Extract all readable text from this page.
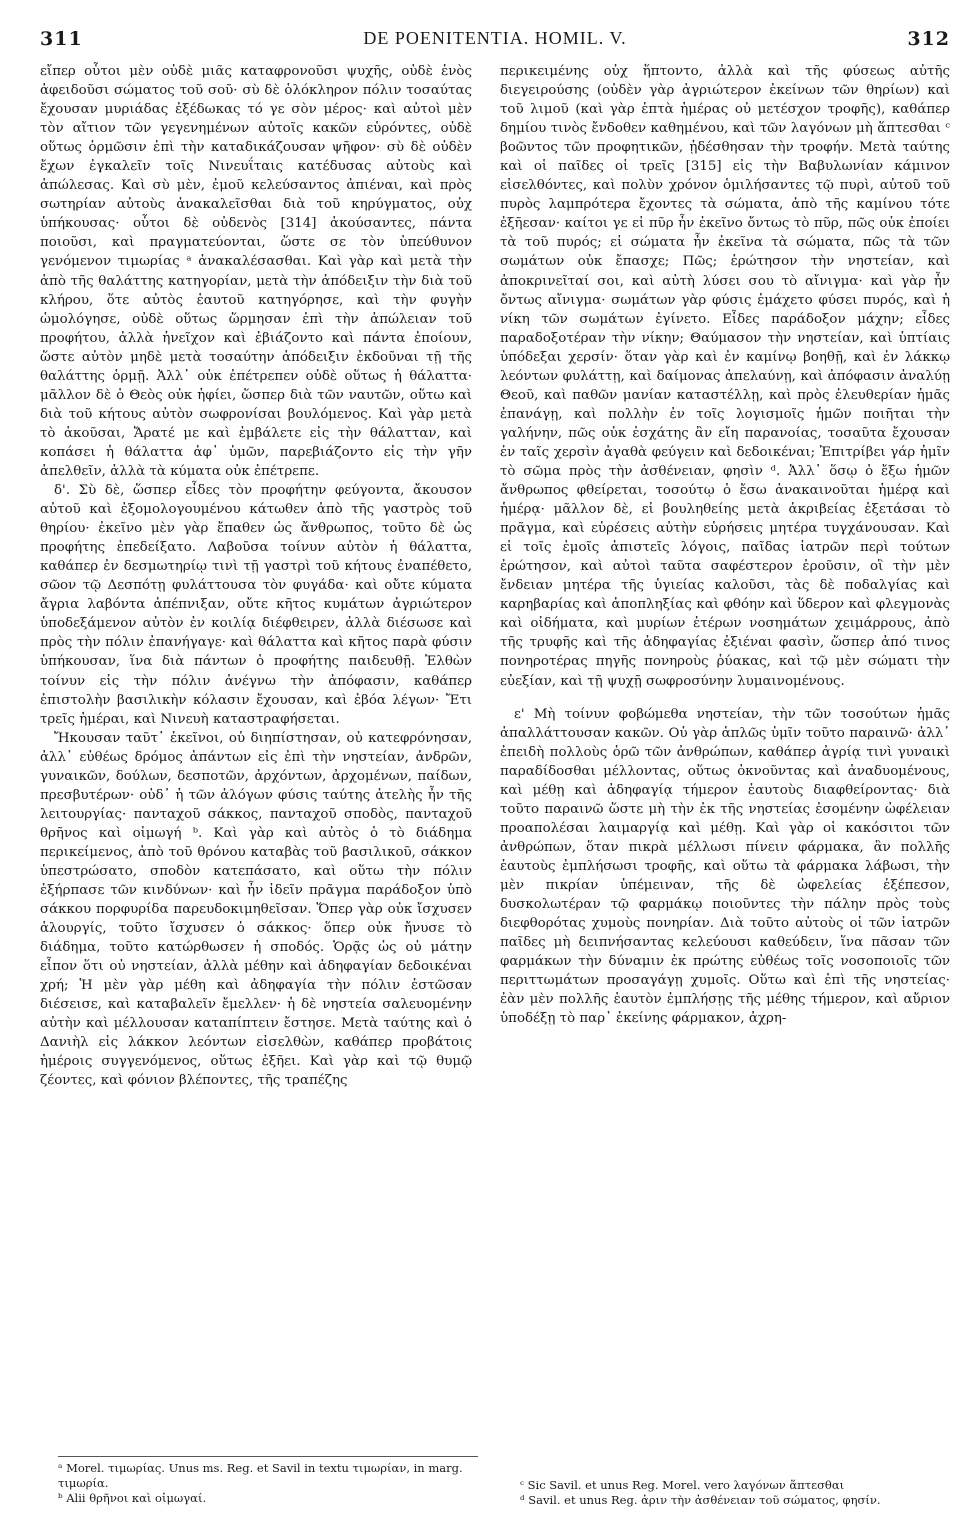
311	DE POENITENTIA. HOMIL. V.	312

εἴπερ οὗτοι μὲν οὐδὲ μιᾶς καταφρονοῦσι ψυχῆς, οὐδὲ ἑνὸς ἀφειδοῦσι σώματος τοῦ σοῦ· σὺ δὲ ὁλόκληρον πόλιν τοσαύτας ἔχουσαν μυριάδας ἐξέδωκας τό γε σὸν μέρος· καὶ αὐτοὶ μὲν τὸν αἴτιον τῶν γεγενημένων αὐτοῖς κακῶν εὑρόντες, οὐδὲ οὕτως ὁρμῶσιν ἐπὶ τὴν καταδικάζουσαν ψῆφον· σὺ δὲ οὐδὲν ἔχων ἐγκαλεῖν τοῖς Νινευΐταις κατέδυσας αὐτοὺς καὶ ἀπώλεσας. Καὶ σὺ μὲν, ἐμοῦ κελεύσαντος ἀπιέναι, καὶ πρὸς σωτηρίαν αὐτοὺς ἀνακαλεῖσθαι διὰ τοῦ κηρύγματος, οὐχ ὑπήκουσας· οὗτοι δὲ οὐδενὸς [314] ἀκούσαντες, πάντα ποιοῦσι, καὶ πραγματεύονται, ὥστε σε τὸν ὑπεύθυνον γενόμενον τιμωρίας ᵃ ἀνακαλέσασθαι. Καὶ γὰρ καὶ μετὰ τὴν ἀπὸ τῆς θαλάττης κατηγορίαν, μετὰ τὴν ἀπόδειξιν τὴν διὰ τοῦ κλήρου, ὅτε αὐτὸς ἑαυτοῦ κατηγόρησε, καὶ τὴν φυγὴν ὡμολόγησε, οὐδὲ οὕτως ὥρμησαν ἐπὶ τὴν ἀπώλειαν τοῦ προφήτου, ἀλλὰ ἠνεῖχον καὶ ἐβιάζοντο καὶ πάντα ἐποίουν, ὥστε αὐτὸν μηδὲ μετὰ τοσαύτην ἀπόδειξιν ἐκδοῦναι τῇ τῆς θαλάττης ὁρμῇ. Ἀλλ᾽ οὐκ ἐπέτρεπεν οὐδὲ οὕτως ἡ θάλαττα· μᾶλλον δὲ ὁ Θεὸς οὐκ ἠφίει, ὥσπερ διὰ τῶν ναυτῶν, οὕτω καὶ διὰ τοῦ κήτους αὐτὸν σωφρονίσαι βουλόμενος. Καὶ γὰρ μετὰ τὸ ἀκοῦσαι, Ἄρατέ με καὶ ἐμβάλετε εἰς τὴν θάλατταν, καὶ κοπάσει ἡ θάλαττα ἀφ᾽ ὑμῶν, παρεβιάζοντο εἰς τὴν γῆν ἀπελθεῖν, ἀλλὰ τὰ κύματα οὐκ ἐπέτρεπε.

δ'. Σὺ δὲ, ὥσπερ εἶδες τὸν προφήτην φεύγοντα, ἄκουσον αὐτοῦ καὶ ἐξομολογουμένου κάτωθεν ἀπὸ τῆς γαστρὸς τοῦ θηρίου· ἐκεῖνο μὲν γὰρ ἔπαθεν ὡς ἄνθρωπος, τοῦτο δὲ ὡς προφήτης ἐπεδείξατο. Λαβοῦσα τοίνυν αὐτὸν ἡ θάλαττα, καθάπερ ἐν δεσμωτηρίῳ τινὶ τῇ γαστρὶ τοῦ κήτους ἐναπέθετο, σῶον τῷ Δεσπότῃ φυλάττουσα τὸν φυγάδα· καὶ οὔτε κύματα ἄγρια λαβόντα ἀπέπνιξαν, οὔτε κῆτος κυμάτων ἀγριώτερον ὑποδεξάμενον αὐτὸν ἐν κοιλίᾳ διέφθειρεν, ἀλλὰ διέσωσε καὶ πρὸς τὴν πόλιν ἐπανήγαγε· καὶ θάλαττα καὶ κῆτος παρὰ φύσιν ὑπήκουσαν, ἵνα διὰ πάντων ὁ προφήτης παιδευθῇ. Ἐλθὼν τοίνυν εἰς τὴν πόλιν ἀνέγνω τὴν ἀπόφασιν, καθάπερ ἐπιστολὴν βασιλικὴν κόλασιν ἔχουσαν, καὶ ἐβόα λέγων· Ἔτι τρεῖς ἡμέραι, καὶ Νινευὴ καταστραφήσεται.

Ἤκουσαν ταῦτ᾽ ἐκεῖνοι, οὐ διηπίστησαν, οὐ κατεφρόνησαν, ἀλλ᾽ εὐθέως δρόμος ἁπάντων εἰς ἐπὶ τὴν νηστείαν, ἀνδρῶν, γυναικῶν, δούλων, δεσποτῶν, ἀρχόντων, ἀρχομένων, παίδων, πρεσβυτέρων· οὐδ᾽ ἡ τῶν ἀλόγων φύσις ταύτης ἀτελὴς ἦν τῆς λειτουργίας· πανταχοῦ σάκκος, πανταχοῦ σποδὸς, πανταχοῦ θρῆνος καὶ οἰμωγή ᵇ. Καὶ γὰρ καὶ αὐτὸς ὁ τὸ διάδημα περικείμενος, ἀπὸ τοῦ θρόνου καταβὰς τοῦ βασιλικοῦ, σάκκον ὑπεστρώσατο, σποδὸν κατεπάσατο, καὶ οὕτω τὴν πόλιν ἐξήρπασε τῶν κινδύνων· καὶ ἦν ἰδεῖν πρᾶγμα παράδοξον ὑπὸ σάκκου πορφυρίδα παρευδοκιμηθεῖσαν. Ὅπερ γὰρ οὐκ ἴσχυσεν ἁλουργίς, τοῦτο ἴσχυσεν ὁ σάκκος· ὅπερ οὐκ ἤνυσε τὸ διάδημα, τοῦτο κατώρθωσεν ἡ σποδός. Ὁρᾷς ὡς οὐ μάτην εἶπον ὅτι οὐ νηστείαν, ἀλλὰ μέθην καὶ ἀδηφαγίαν δεδοικέναι χρή; Ἡ μὲν γὰρ μέθη καὶ ἀδηφαγία τὴν πόλιν ἑστῶσαν διέσεισε, καὶ καταβαλεῖν ἔμελλεν· ἡ δὲ νηστεία σαλευομένην αὐτὴν καὶ μέλλουσαν καταπίπτειν ἔστησε. Μετὰ ταύτης καὶ ὁ Δανιὴλ εἰς λάκκον λεόντων εἰσελθὼν, καθάπερ προβάτοις ἡμέροις συγγενόμενος, οὕτως ἐξῆει. Καὶ γὰρ καὶ τῷ θυμῷ ζέοντες, καὶ φόνιον βλέποντες, τῆς τραπέζης

περικειμένης οὐχ ἥπτοντο, ἀλλὰ καὶ τῆς φύσεως αὐτῆς διεγειρούσης (οὐδὲν γὰρ ἀγριώτερον ἐκείνων τῶν θηρίων) καὶ τοῦ λιμοῦ (καὶ γὰρ ἑπτὰ ἡμέρας οὐ μετέσχον τροφῆς), καθάπερ δημίου τινὸς ἔνδοθεν καθημένου, καὶ τῶν λαγόνων μὴ ἅπτεσθαι ᶜ βοῶντος τῶν προφητικῶν, ᾐδέσθησαν τὴν τροφήν. Μετὰ ταύτης καὶ οἱ παῖδες οἱ τρεῖς [315] εἰς τὴν Βαβυλωνίαν κάμινον εἰσελθόντες, καὶ πολὺν χρόνον ὁμιλήσαντες τῷ πυρὶ, αὐτοῦ τοῦ πυρὸς λαμπρότερα ἔχοντες τὰ σώματα, ἀπὸ τῆς καμίνου τότε ἐξῆεσαν· καίτοι γε εἰ πῦρ ἦν ἐκεῖνο ὄντως τὸ πῦρ, πῶς οὐκ ἐποίει τὰ τοῦ πυρός; εἰ σώματα ἦν ἐκεῖνα τὰ σώματα, πῶς τὰ τῶν σωμάτων οὐκ ἔπασχε; Πῶς; ἐρώτησον τὴν νηστείαν, καὶ ἀποκρινεῖταί σοι, καὶ αὐτὴ λύσει σου τὸ αἴνιγμα· καὶ γὰρ ἦν ὄντως αἴνιγμα· σωμάτων γὰρ φύσις ἐμάχετο φύσει πυρός, καὶ ἡ νίκη τῶν σωμάτων ἐγίνετο. Εἶδες παράδοξον μάχην; εἶδες παραδοξοτέραν τὴν νίκην; Θαύμασον τὴν νηστείαν, καὶ ὑπτίαις ὑπόδεξαι χερσίν· ὅταν γὰρ καὶ ἐν καμίνῳ βοηθῇ, καὶ ἐν λάκκῳ λεόντων φυλάττῃ, καὶ δαίμονας ἀπελαύνῃ, καὶ ἀπόφασιν ἀναλύῃ Θεοῦ, καὶ παθῶν μανίαν καταστέλλῃ, καὶ πρὸς ἐλευθερίαν ἡμᾶς ἐπανάγῃ, καὶ πολλὴν ἐν τοῖς λογισμοῖς ἡμῶν ποιῆται τὴν γαλήνην, πῶς οὐκ ἐσχάτης ἂν εἴη παρανοίας, τοσαῦτα ἔχουσαν ἐν ταῖς χερσὶν ἀγαθὰ φεύγειν καὶ δεδοικέναι; Ἐπιτρίβει γάρ ἡμῖν τὸ σῶμα πρὸς τὴν ἀσθένειαν, φησὶν ᵈ. Ἀλλ᾽ ὅσῳ ὁ ἔξω ἡμῶν ἄνθρωπος φθείρεται, τοσούτῳ ὁ ἔσω ἀνακαινοῦται ἡμέρᾳ καὶ ἡμέρᾳ· μᾶλλον δὲ, εἰ βουληθείης μετὰ ἀκριβείας ἐξετάσαι τὸ πρᾶγμα, καὶ εὑρέσεις αὐτὴν εὑρήσεις μητέρα τυγχάνουσαν. Καὶ εἰ τοῖς ἐμοῖς ἀπιστεῖς λόγοις, παῖδας ἰατρῶν περὶ τούτων ἐρώτησον, καὶ αὐτοὶ ταῦτα σαφέστερον ἐροῦσιν, οἳ τὴν μὲν ἔνδειαν μητέρα τῆς ὑγιείας καλοῦσι, τὰς δὲ ποδαλγίας καὶ καρηβαρίας καὶ ἀποπληξίας καὶ φθόην καὶ ὕδερον καὶ φλεγμονὰς καὶ οἰδήματα, καὶ μυρίων ἑτέρων νοσημάτων χειμάρρους, ἀπὸ τῆς τρυφῆς καὶ τῆς ἀδηφαγίας ἐξιέναι φασὶν, ὥσπερ ἀπό τινος πονηροτέρας πηγῆς πονηροὺς ῥύακας, καὶ τῷ μὲν σώματι τὴν εὐεξίαν, καὶ τῇ ψυχῇ σωφροσύνην λυμαινομένους.

ε' Μὴ τοίνυν φοβώμεθα νηστείαν, τὴν τῶν τοσούτων ἡμᾶς ἀπαλλάττουσαν κακῶν. Οὐ γὰρ ἁπλῶς ὑμῖν τοῦτο παραινῶ· ἀλλ᾽ ἐπειδὴ πολλοὺς ὁρῶ τῶν ἀνθρώπων, καθάπερ ἀγρίᾳ τινὶ γυναικὶ παραδίδοσθαι μέλλοντας, οὕτως ὀκνοῦντας καὶ ἀναδυομένους, καὶ μέθῃ καὶ ἀδηφαγίᾳ τήμερον ἑαυτοὺς διαφθείροντας· διὰ τοῦτο παραινῶ ὥστε μὴ τὴν ἐκ τῆς νηστείας ἐσομένην ὠφέλειαν προαπολέσαι λαιμαργίᾳ καὶ μέθῃ. Καὶ γὰρ οἱ κακόσιτοι τῶν ἀνθρώπων, ὅταν πικρὰ μέλλωσι πίνειν φάρμακα, ἂν πολλῆς ἑαυτοὺς ἐμπλήσωσι τροφῆς, καὶ οὕτω τὰ φάρμακα λάβωσι, τὴν μὲν πικρίαν ὑπέμειναν, τῆς δὲ ὠφελείας ἐξέπεσον, δυσκολωτέραν τῷ φαρμάκῳ ποιοῦντες τὴν πάλην πρὸς τοὺς διεφθορότας χυμοὺς πονηρίαν. Διὰ τοῦτο αὐτοὺς οἱ τῶν ἰατρῶν παῖδες μὴ δειπνήσαντας κελεύουσι καθεύδειν, ἵνα πᾶσαν τῶν φαρμάκων τὴν δύναμιν ἐκ πρώτης εὐθέως τοῖς νοσοποιοῖς τῶν περιττωμάτων προσαγάγῃ χυμοῖς. Οὕτω καὶ ἐπὶ τῆς νηστείας· ἐὰν μὲν πολλῆς ἑαυτὸν ἐμπλήσῃς τῆς μέθης τήμερον, καὶ αὔριον ὑποδέξῃ τὸ παρ᾽ ἐκείνης φάρμακον, ἀχρη-

ᵃ Morel. τιμωρίας. Unus ms. Reg. et Savil in textu τιμωρίαν, in marg. τιμωρία.
ᵇ Alii θρῆνοι καὶ οἰμωγαί.
ᶜ Sic Savil. et unus Reg. Morel. vero λαγόνων ἅπτεσθαι
ᵈ Savil. et unus Reg. ἀριν τὴν ἀσθένειαν τοῦ σώματος, φησίν.
